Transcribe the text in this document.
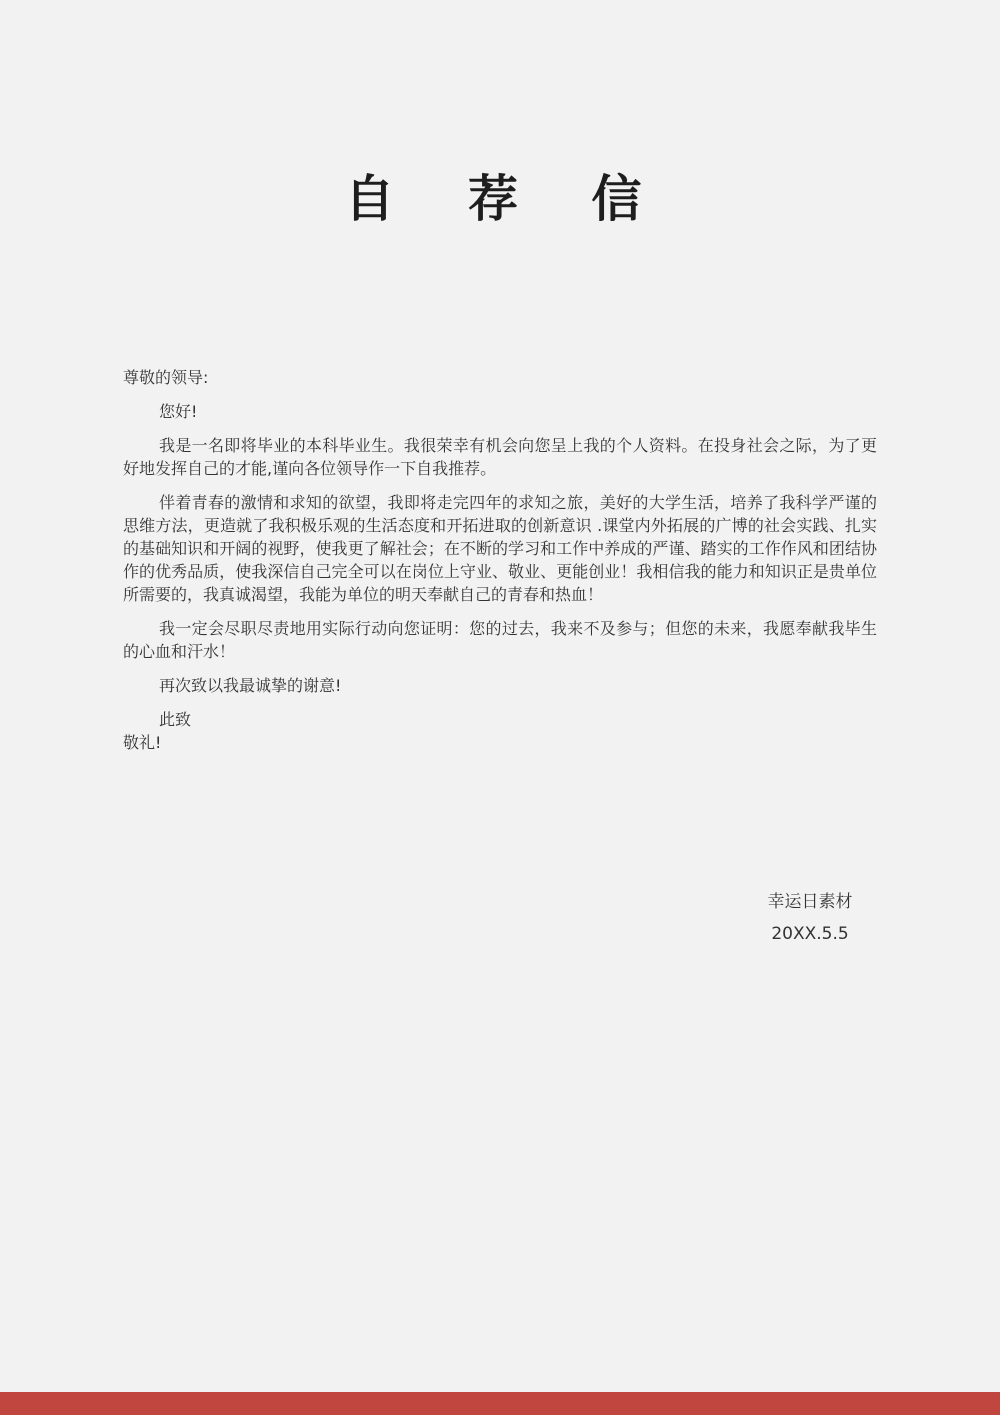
自 荐 信

尊敬的领导:

您好!

我是一名即将毕业的本科毕业生。我很荣幸有机会向您呈上我的个人资料。在投身社会之际，为了更好地发挥自己的才能,谨向各位领导作一下自我推荐。

伴着青春的激情和求知的欲望，我即将走完四年的求知之旅，美好的大学生活，培养了我科学严谨的思维方法，更造就了我积极乐观的生活态度和开拓进取的创新意识 .课堂内外拓展的广博的社会实践、扎实的基础知识和开阔的视野，使我更了解社会；在不断的学习和工作中养成的严谨、踏实的工作作风和团结协作的优秀品质，使我深信自己完全可以在岗位上守业、敬业、更能创业！我相信我的能力和知识正是贵单位所需要的，我真诚渴望，我能为单位的明天奉献自己的青春和热血！

我一定会尽职尽责地用实际行动向您证明：您的过去，我来不及参与；但您的未来，我愿奉献我毕生的心血和汗水！

再次致以我最诚挚的谢意!

此致

敬礼!

幸运日素材
20XX.5.5
